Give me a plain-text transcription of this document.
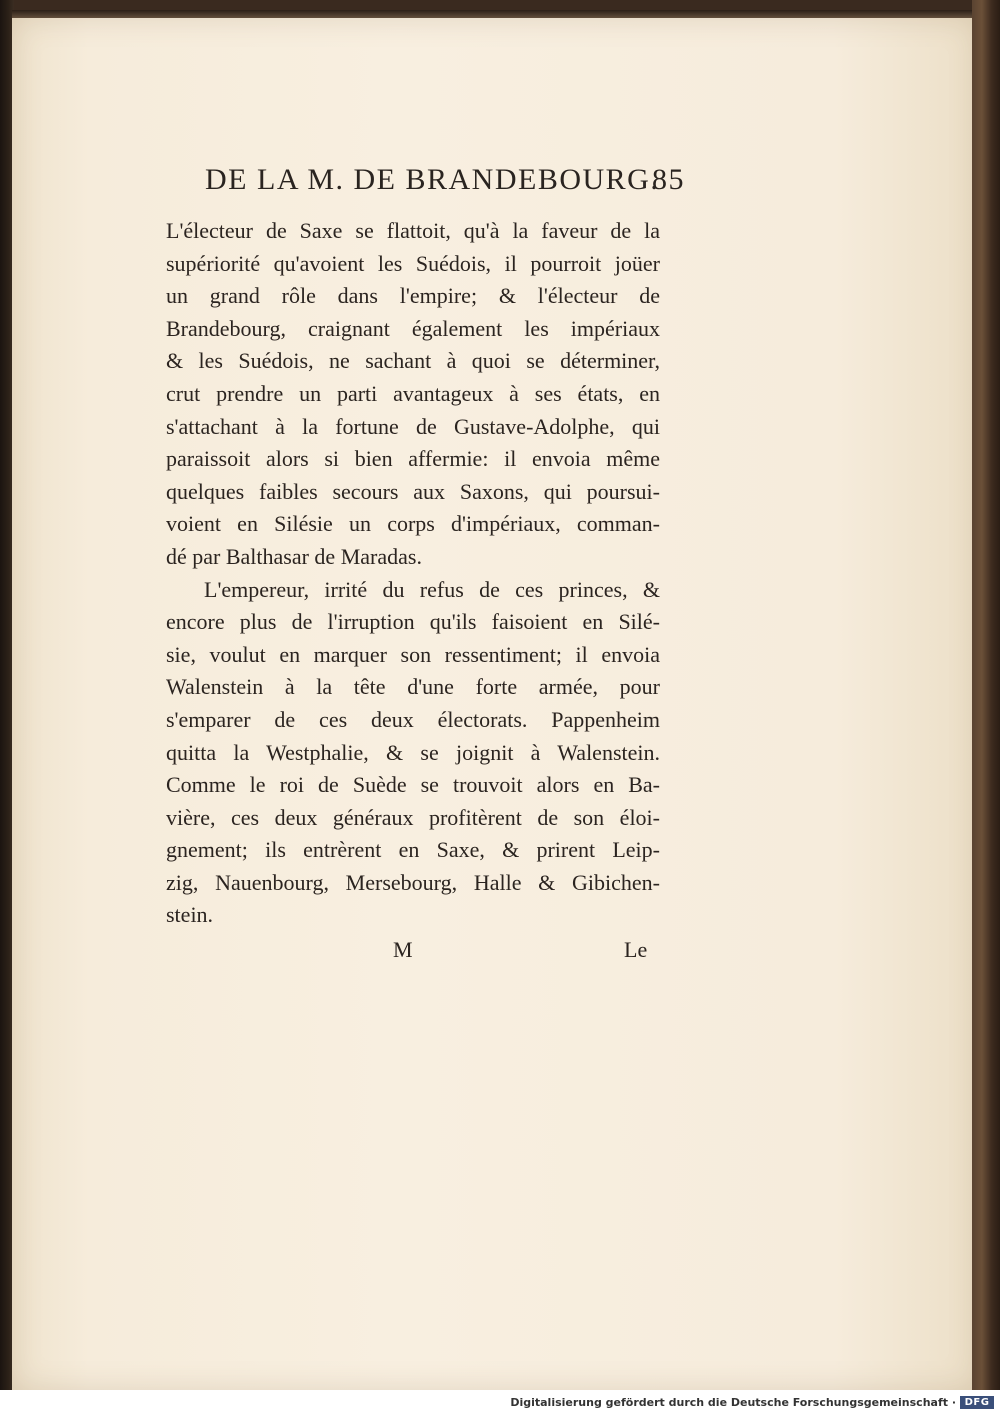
DE LA M. DE BRANDEBOURG.
85
L'électeur de Saxe se flattoit, qu'à la faveur de la
supériorité qu'avoient les Suédois, il pourroit joüer
un grand rôle dans l'empire; & l'électeur de
Brandebourg, craignant également les impériaux
& les Suédois, ne sachant à quoi se déterminer,
crut prendre un parti avantageux à ses états, en
s'attachant à la fortune de Gustave-Adolphe, qui
paraissoit alors si bien affermie: il envoia même
quelques faibles secours aux Saxons, qui poursui-
voient en Silésie un corps d'impériaux, comman-
dé par Balthasar de Maradas.
L'empereur, irrité du refus de ces princes, &
encore plus de l'irruption qu'ils faisoient en Silé-
sie, voulut en marquer son ressentiment; il envoia
Walenstein à la tête d'une forte armée, pour
s'emparer de ces deux électorats. Pappenheim
quitta la Westphalie, & se joignit à Walenstein.
Comme le roi de Suède se trouvoit alors en Ba-
vière, ces deux généraux profitèrent de son éloi-
gnement; ils entrèrent en Saxe, & prirent Leip-
zig, Nauenbourg, Mersebourg, Halle & Gibichen-
stein.
M	Le
Digitalisierung gefördert durch die Deutsche Forschungsgemeinschaft · DFG
